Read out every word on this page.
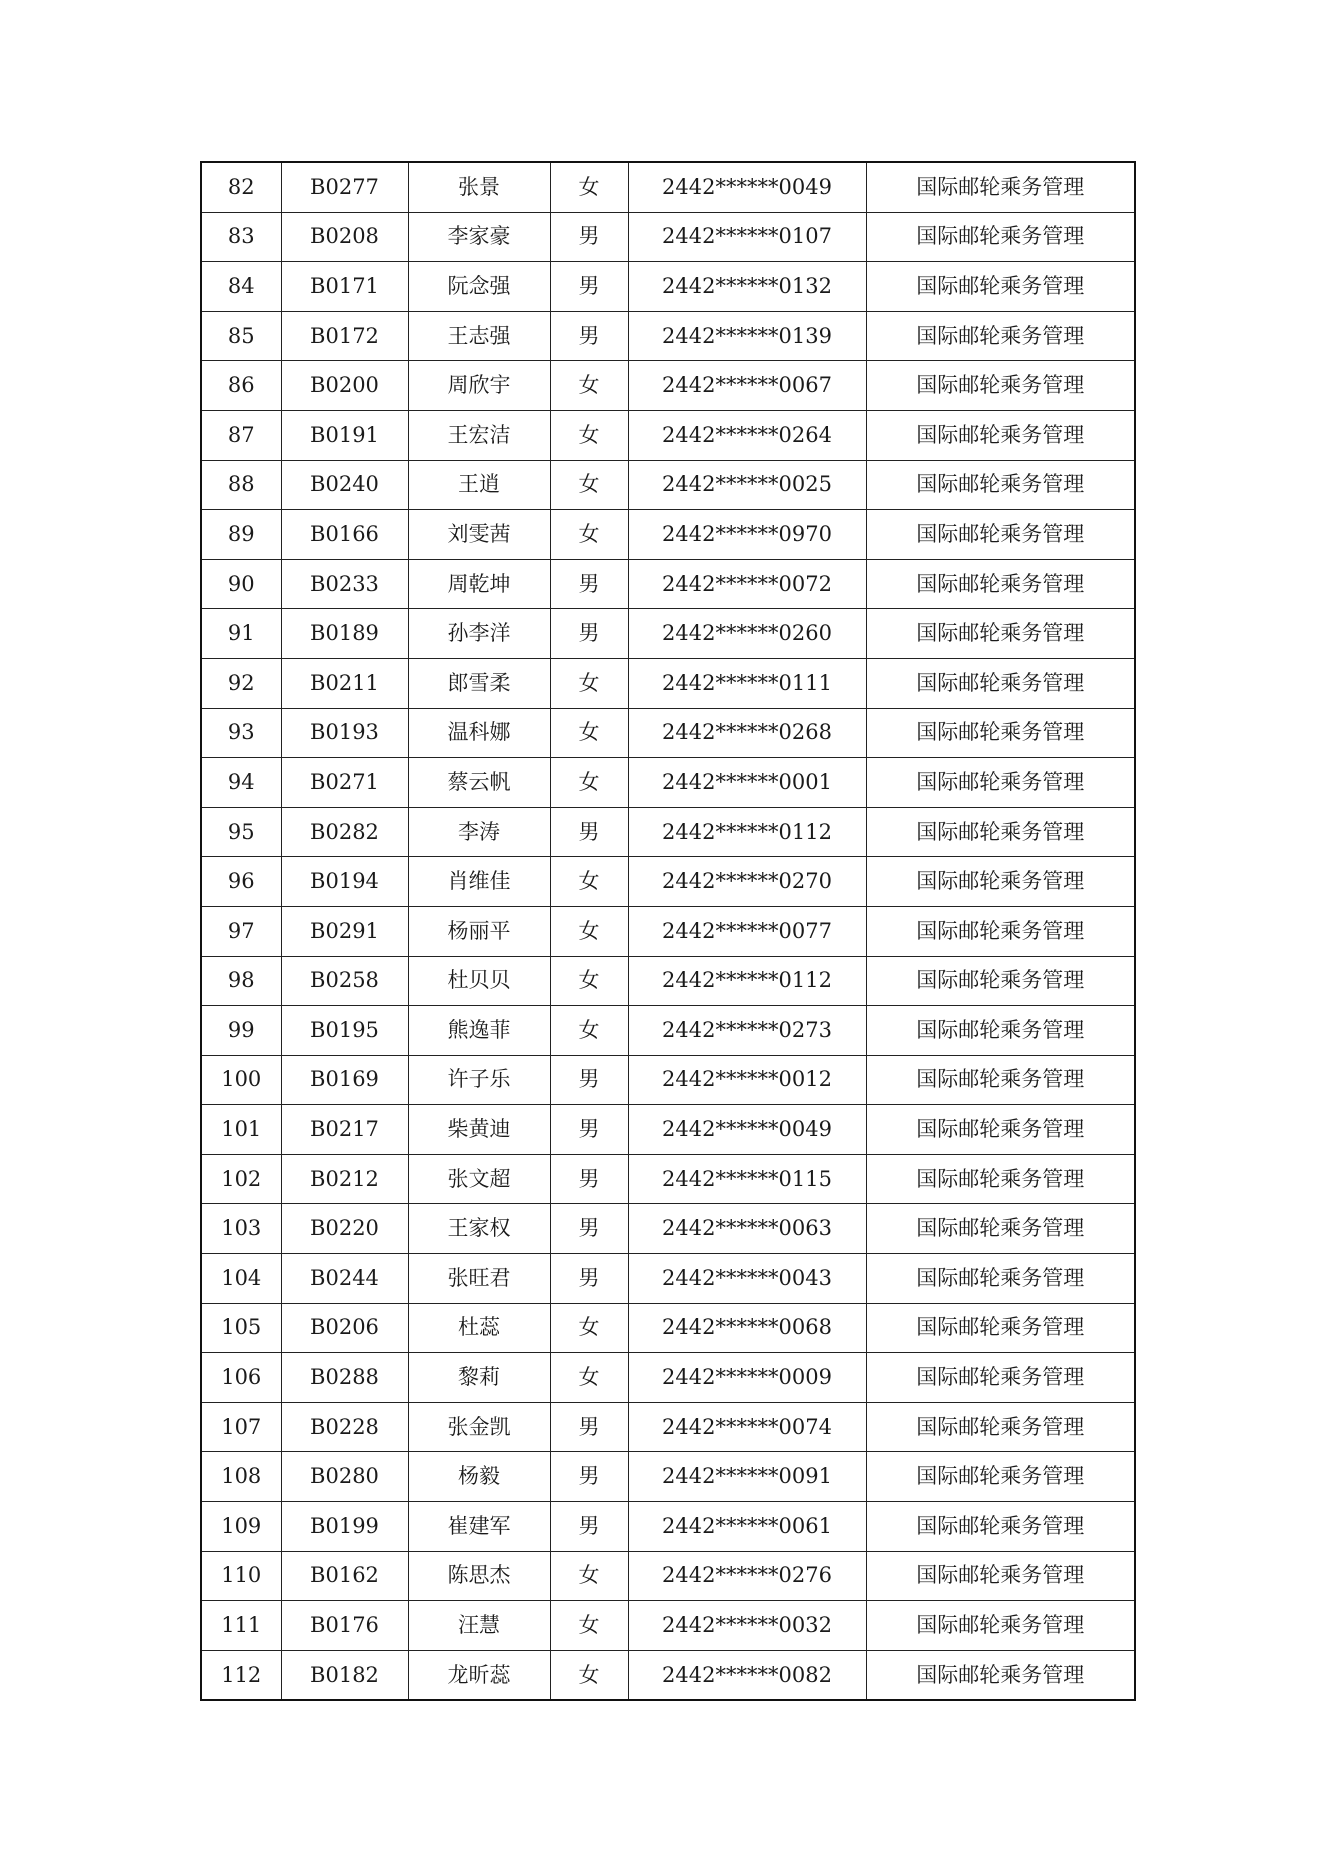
82	B0277	张景	女	2442******0049	国际邮轮乘务管理
83	B0208	李家豪	男	2442******0107	国际邮轮乘务管理
84	B0171	阮念强	男	2442******0132	国际邮轮乘务管理
85	B0172	王志强	男	2442******0139	国际邮轮乘务管理
86	B0200	周欣宇	女	2442******0067	国际邮轮乘务管理
87	B0191	王宏洁	女	2442******0264	国际邮轮乘务管理
88	B0240	王逍	女	2442******0025	国际邮轮乘务管理
89	B0166	刘雯茜	女	2442******0970	国际邮轮乘务管理
90	B0233	周乾坤	男	2442******0072	国际邮轮乘务管理
91	B0189	孙李洋	男	2442******0260	国际邮轮乘务管理
92	B0211	郎雪柔	女	2442******0111	国际邮轮乘务管理
93	B0193	温科娜	女	2442******0268	国际邮轮乘务管理
94	B0271	蔡云帆	女	2442******0001	国际邮轮乘务管理
95	B0282	李涛	男	2442******0112	国际邮轮乘务管理
96	B0194	肖维佳	女	2442******0270	国际邮轮乘务管理
97	B0291	杨丽平	女	2442******0077	国际邮轮乘务管理
98	B0258	杜贝贝	女	2442******0112	国际邮轮乘务管理
99	B0195	熊逸菲	女	2442******0273	国际邮轮乘务管理
100	B0169	许子乐	男	2442******0012	国际邮轮乘务管理
101	B0217	柴黄迪	男	2442******0049	国际邮轮乘务管理
102	B0212	张文超	男	2442******0115	国际邮轮乘务管理
103	B0220	王家权	男	2442******0063	国际邮轮乘务管理
104	B0244	张旺君	男	2442******0043	国际邮轮乘务管理
105	B0206	杜蕊	女	2442******0068	国际邮轮乘务管理
106	B0288	黎莉	女	2442******0009	国际邮轮乘务管理
107	B0228	张金凯	男	2442******0074	国际邮轮乘务管理
108	B0280	杨毅	男	2442******0091	国际邮轮乘务管理
109	B0199	崔建军	男	2442******0061	国际邮轮乘务管理
110	B0162	陈思杰	女	2442******0276	国际邮轮乘务管理
111	B0176	汪慧	女	2442******0032	国际邮轮乘务管理
112	B0182	龙昕蕊	女	2442******0082	国际邮轮乘务管理
